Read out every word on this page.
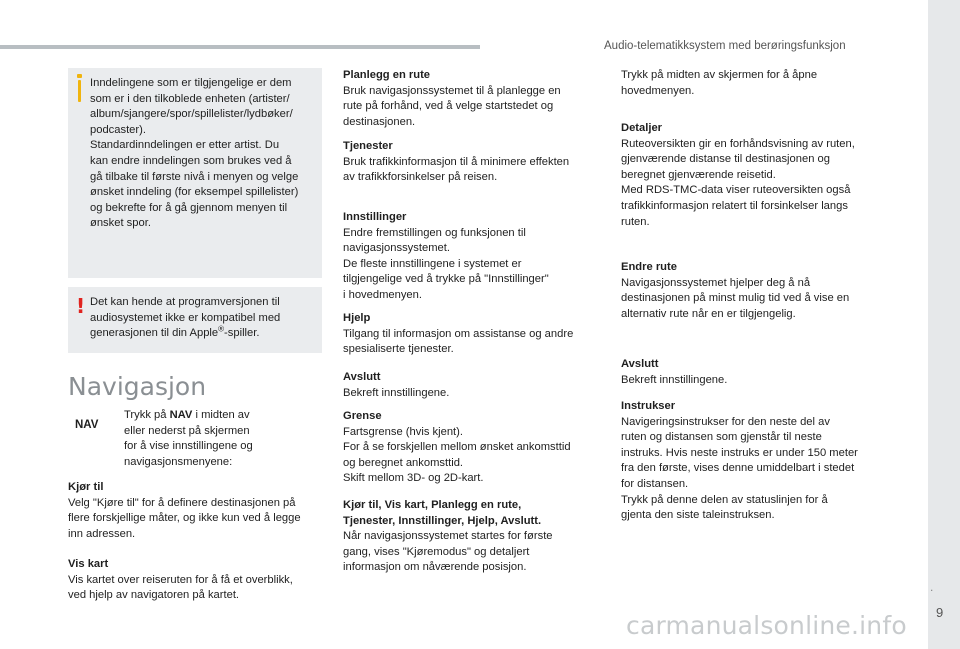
Audio-telematikksystem med berøringsfunksjon
.
9
carmanualsonline.info
Inndelingene som er tilgjengelige er dem
som er i den tilkoblede enheten (artister/
album/sjangere/spor/spillelister/lydbøker/
podcaster).
Standardinndelingen er etter artist. Du
kan endre inndelingen som brukes ved å
gå tilbake til første nivå i menyen og velge
ønsket inndeling (for eksempel spillelister)
og bekrefte for å gå gjennom menyen til
ønsket spor.
! Det kan hende at programversjonen til
audiosystemet ikke er kompatibel med
generasjonen til din Apple®-spiller.
Navigasjon
NAV
Trykk på NAV i midten av
eller nederst på skjermen
for å vise innstillingene og
navigasjonsmenyene:
Kjør til
Velg "Kjøre til" for å definere destinasjonen på
flere forskjellige måter, og ikke kun ved å legge
inn adressen.
Vis kart
Vis kartet over reiseruten for å få et overblikk,
ved hjelp av navigatoren på kartet.
Planlegg en rute
Bruk navigasjonssystemet til å planlegge en
rute på forhånd, ved å velge startstedet og
destinasjonen.
Tjenester
Bruk trafikkinformasjon til å minimere effekten
av trafikkforsinkelser på reisen.
Innstillinger
Endre fremstillingen og funksjonen til
navigasjonssystemet.
De fleste innstillingene i systemet er
tilgjengelige ved å trykke på "Innstillinger"
i hovedmenyen.
Hjelp
Tilgang til informasjon om assistanse og andre
spesialiserte tjenester.
Avslutt
Bekreft innstillingene.
Grense
Fartsgrense (hvis kjent).
For å se forskjellen mellom ønsket ankomsttid
og beregnet ankomsttid.
Skift mellom 3D- og 2D-kart.
Kjør til, Vis kart, Planlegg en rute,
Tjenester, Innstillinger, Hjelp, Avslutt.
Når navigasjonssystemet startes for første
gang, vises "Kjøremodus" og detaljert
informasjon om nåværende posisjon.
Trykk på midten av skjermen for å åpne
hovedmenyen.
Detaljer
Ruteoversikten gir en forhåndsvisning av ruten,
gjenværende distanse til destinasjonen og
beregnet gjenværende reisetid.
Med RDS-TMC-data viser ruteoversikten også
trafikkinformasjon relatert til forsinkelser langs
ruten.
Endre rute
Navigasjonssystemet hjelper deg å nå
destinasjonen på minst mulig tid ved å vise en
alternativ rute når en er tilgjengelig.
Avslutt
Bekreft innstillingene.
Instrukser
Navigeringsinstrukser for den neste del av
ruten og distansen som gjenstår til neste
instruks. Hvis neste instruks er under 150 meter
fra den første, vises denne umiddelbart i stedet
for distansen.
Trykk på denne delen av statuslinjen for å
gjenta den siste taleinstruksen.
